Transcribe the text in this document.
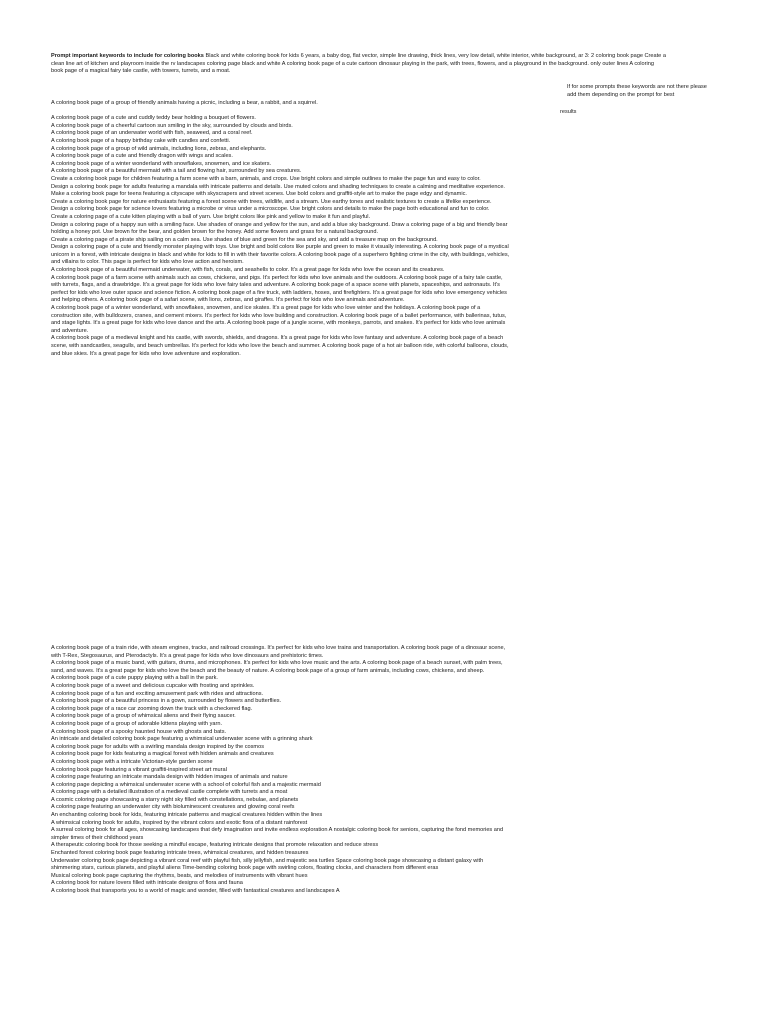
Prompt important keywords to include for coloring books Black and white coloring book for kids 6 years, a baby dog, flat vector, simple line drawing, thick lines, very low detail, white interior, white background, ar 3: 2 coloring book page Create a clean line art of kitchen and playroom inside the rv landscapes coloring page black and white A coloring book page of a cute cartoon dinosaur playing in the park, with trees, flowers, and a playground in the background. only outer lines A coloring book page of a magical fairy tale castle, with towers, turrets, and a moat.

If for some prompts these keywords are not there please add them depending on the prompt for best
results

A coloring book page of a group of friendly animals having a picnic, including a bear, a rabbit, and a squirrel.

A coloring book page of a cute and cuddly teddy bear holding a bouquet of flowers.

A coloring book page of a cheerful cartoon sun smiling in the sky, surrounded by clouds and birds.

A coloring book page of an underwater world with fish, seaweed, and a coral reef.

A coloring book page of a happy birthday cake with candles and confetti.

A coloring book page of a group of wild animals, including lions, zebras, and elephants.

A coloring book page of a cute and friendly dragon with wings and scales.

A coloring book page of a winter wonderland with snowflakes, snowmen, and ice skaters.

A coloring book page of a beautiful mermaid with a tail and flowing hair, surrounded by sea creatures.

Create a coloring book page for children featuring a farm scene with a barn, animals, and crops. Use bright colors and simple outlines to make the page fun and easy to color.

Design a coloring book page for adults featuring a mandala with intricate patterns and details. Use muted colors and shading techniques to create a calming and meditative experience.

Make a coloring book page for teens featuring a cityscape with skyscrapers and street scenes. Use bold colors and graffiti-style art to make the page edgy and dynamic.

Create a coloring book page for nature enthusiasts featuring a forest scene with trees, wildlife, and a stream. Use earthy tones and realistic textures to create a lifelike experience.

Design a coloring book page for science lovers featuring a microbe or virus under a microscope. Use bright colors and details to make the page both educational and fun to color.

Create a coloring page of a cute kitten playing with a ball of yarn. Use bright colors like pink and yellow to make it fun and playful.

Design a coloring page of a happy sun with a smiling face. Use shades of orange and yellow for the sun, and add a blue sky background. Draw a coloring page of a big and friendly bear holding a honey pot. Use brown for the bear, and golden brown for the honey. Add some flowers and grass for a natural background.

Create a coloring page of a pirate ship sailing on a calm sea. Use shades of blue and green for the sea and sky, and add a treasure map on the background.

Design a coloring page of a cute and friendly monster playing with toys. Use bright and bold colors like purple and green to make it visually interesting. A coloring book page of a mystical unicorn in a forest, with intricate designs in black and white for kids to fill in with their favorite colors. A coloring book page of a superhero fighting crime in the city, with buildings, vehicles, and villains to color. This page is perfect for kids who love action and heroism.

A coloring book page of a beautiful mermaid underwater, with fish, corals, and seashells to color. It's a great page for kids who love the ocean and its creatures.

A coloring book page of a farm scene with animals such as cows, chickens, and pigs. It's perfect for kids who love animals and the outdoors. A coloring book page of a fairy tale castle, with turrets, flags, and a drawbridge. It's a great page for kids who love fairy tales and adventure. A coloring book page of a space scene with planets, spaceships, and astronauts. It's perfect for kids who love outer space and science fiction. A coloring book page of a fire truck, with ladders, hoses, and firefighters. It's a great page for kids who love emergency vehicles and helping others. A coloring book page of a safari scene, with lions, zebras, and giraffes. It's perfect for kids who love animals and adventure.

A coloring book page of a winter wonderland, with snowflakes, snowmen, and ice skates. It's a great page for kids who love winter and the holidays. A coloring book page of a construction site, with bulldozers, cranes, and cement mixers. It's perfect for kids who love building and construction. A coloring book page of a ballet performance, with ballerinas, tutus, and stage lights. It's a great page for kids who love dance and the arts. A coloring book page of a jungle scene, with monkeys, parrots, and snakes. It's perfect for kids who love animals and adventure.

A coloring book page of a medieval knight and his castle, with swords, shields, and dragons. It's a great page for kids who love fantasy and adventure. A coloring book page of a beach scene, with sandcastles, seagulls, and beach umbrellas. It's perfect for kids who love the beach and summer. A coloring book page of a hot air balloon ride, with colorful balloons, clouds, and blue skies. It's a great page for kids who love adventure and exploration.

A coloring book page of a train ride, with steam engines, tracks, and railroad crossings. It's perfect for kids who love trains and transportation. A coloring book page of a dinosaur scene, with T-Rex, Stegosaurus, and Pterodactyls. It's a great page for kids who love dinosaurs and prehistoric times.

A coloring book page of a music band, with guitars, drums, and microphones. It's perfect for kids who love music and the arts. A coloring book page of a beach sunset, with palm trees, sand, and waves. It's a great page for kids who love the beach and the beauty of nature. A coloring book page of a group of farm animals, including cows, chickens, and sheep.

A coloring book page of a cute puppy playing with a ball in the park.

A coloring book page of a sweet and delicious cupcake with frosting and sprinkles.

A coloring book page of a fun and exciting amusement park with rides and attractions.

A coloring book page of a beautiful princess in a gown, surrounded by flowers and butterflies.

A coloring book page of a race car zooming down the track with a checkered flag.

A coloring book page of a group of whimsical aliens and their flying saucer.

A coloring book page of a group of adorable kittens playing with yarn.

A coloring book page of a spooky haunted house with ghosts and bats.

An intricate and detailed coloring book page featuring a whimsical underwater scene with a grinning shark

A coloring book page for adults with a swirling mandala design inspired by the cosmos

A coloring book page for kids featuring a magical forest with hidden animals and creatures

A coloring book page with a intricate Victorian-style garden scene

A coloring book page featuring a vibrant graffiti-inspired street art mural

A coloring page featuring an intricate mandala design with hidden images of animals and nature

A coloring page depicting a whimsical underwater scene with a school of colorful fish and a majestic mermaid

A coloring page with a detailed illustration of a medieval castle complete with turrets and a moat

A cosmic coloring page showcasing a starry night sky filled with constellations, nebulae, and planets

A coloring page featuring an underwater city with bioluminescent creatures and glowing coral reefs

An enchanting coloring book for kids, featuring intricate patterns and magical creatures hidden within the lines

A whimsical coloring book for adults, inspired by the vibrant colors and exotic flora of a distant rainforest

A surreal coloring book for all ages, showcasing landscapes that defy imagination and invite endless exploration A nostalgic coloring book for seniors, capturing the fond memories and simpler times of their childhood years

A therapeutic coloring book for those seeking a mindful escape, featuring intricate designs that promote relaxation and reduce stress

Enchanted forest coloring book page featuring intricate trees, whimsical creatures, and hidden treasures

Underwater coloring book page depicting a vibrant coral reef with playful fish, silly jellyfish, and majestic sea turtles Space coloring book page showcasing a distant galaxy with shimmering stars, curious planets, and playful aliens Time-bending coloring book page with swirling colors, floating clocks, and characters from different eras

Musical coloring book page capturing the rhythms, beats, and melodies of instruments with vibrant hues

A coloring book for nature lovers filled with intricate designs of flora and fauna

A coloring book that transports you to a world of magic and wonder, filled with fantastical creatures and landscapes A
